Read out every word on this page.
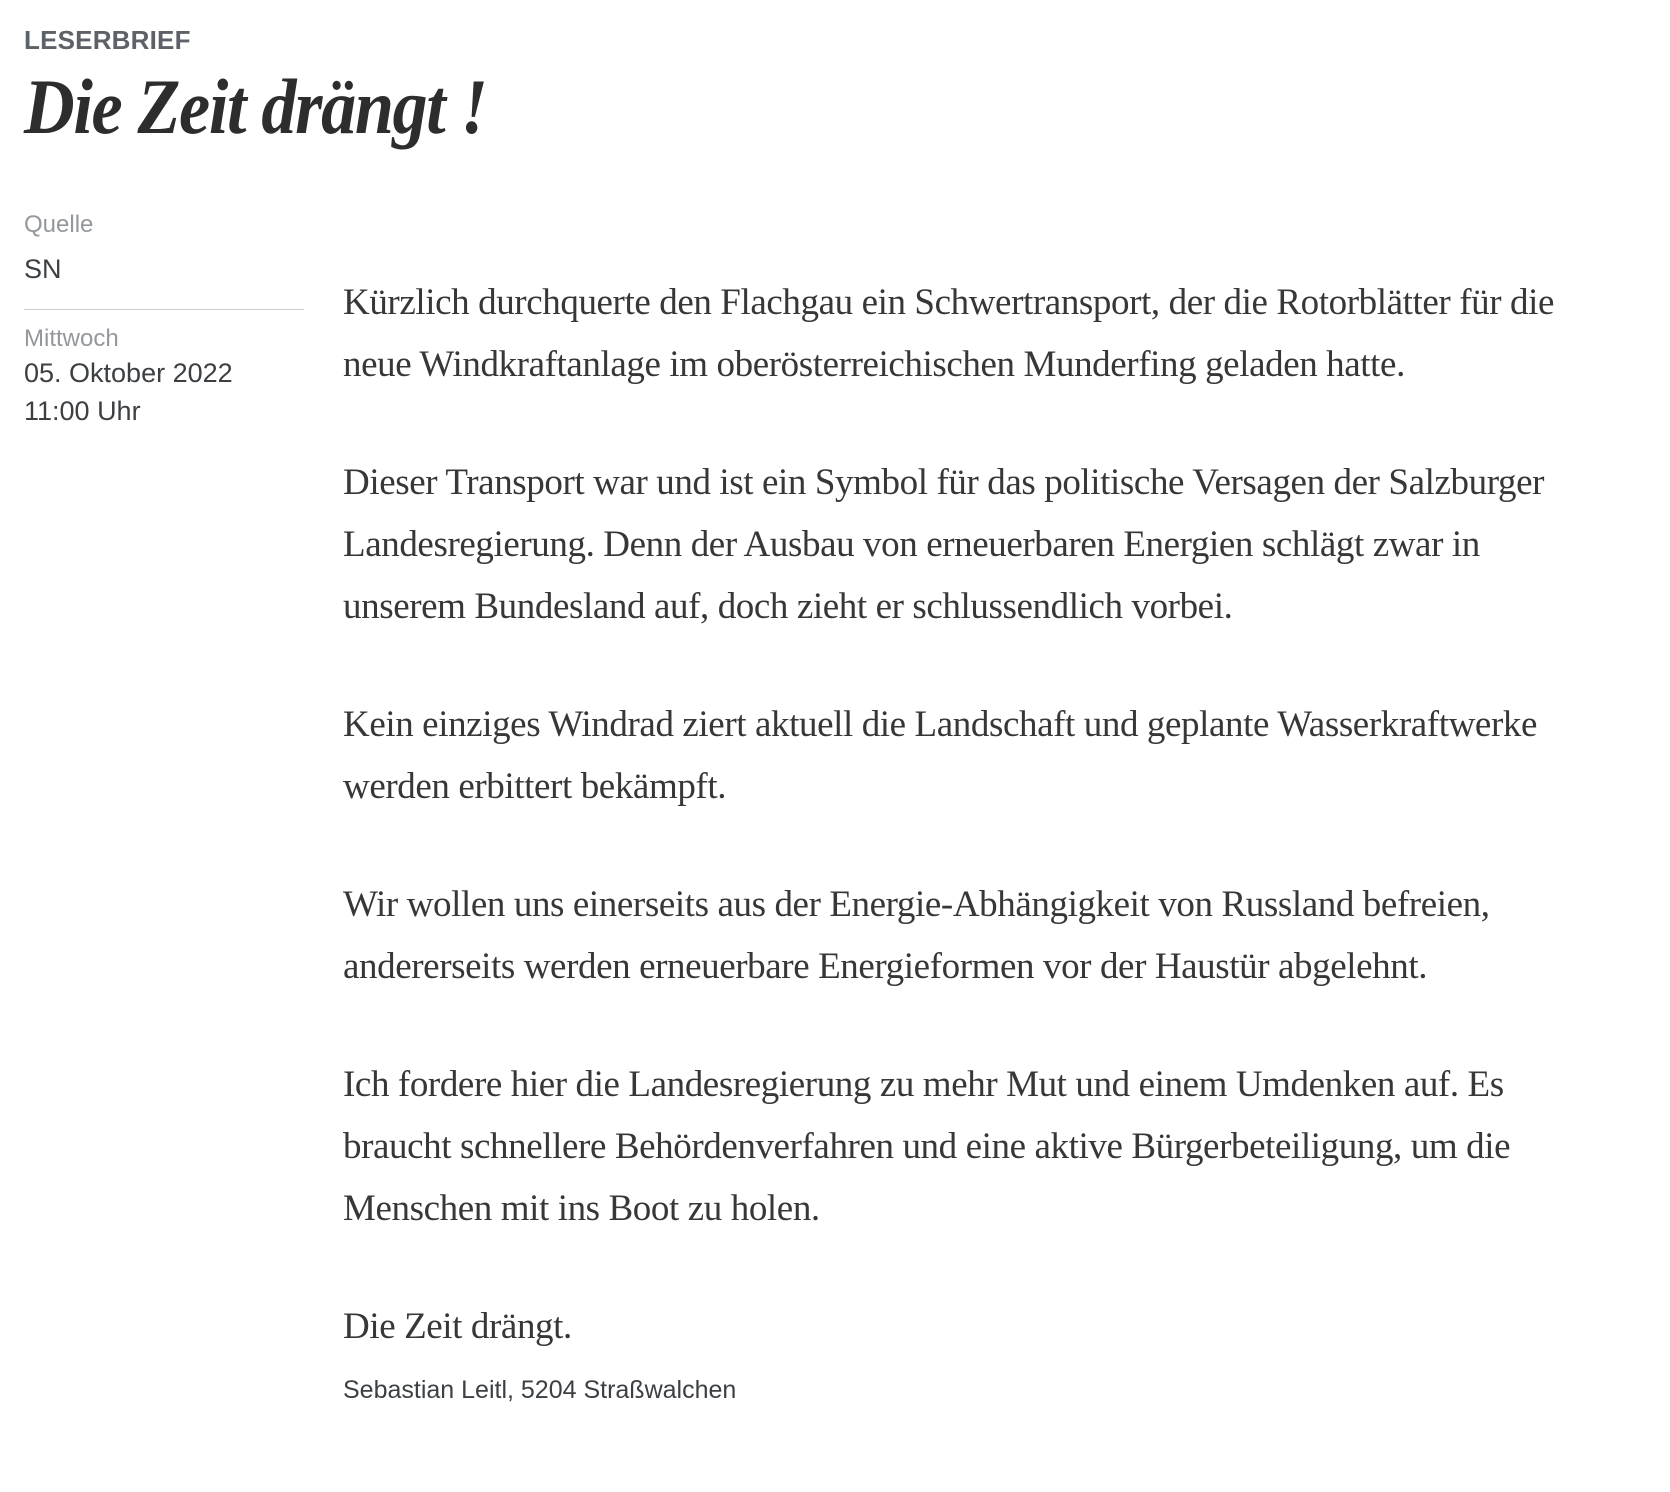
LESERBRIEF
Die Zeit drängt !
Quelle
SN
Mittwoch
05. Oktober 2022
11:00 Uhr

Kürzlich durchquerte den Flachgau ein Schwertransport, der die Rotorblätter für die neue Windkraftanlage im oberösterreichischen Munderfing geladen hatte.

Dieser Transport war und ist ein Symbol für das politische Versagen der Salzburger Landesregierung. Denn der Ausbau von erneuerbaren Energien schlägt zwar in unserem Bundesland auf, doch zieht er schlussendlich vorbei.

Kein einziges Windrad ziert aktuell die Landschaft und geplante Wasserkraftwerke werden erbittert bekämpft.

Wir wollen uns einerseits aus der Energie-Abhängigkeit von Russland befreien, andererseits werden erneuerbare Energieformen vor der Haustür abgelehnt.

Ich fordere hier die Landesregierung zu mehr Mut und einem Umdenken auf. Es braucht schnellere Behördenverfahren und eine aktive Bürgerbeteiligung, um die Menschen mit ins Boot zu holen.

Die Zeit drängt.

Sebastian Leitl, 5204 Straßwalchen
